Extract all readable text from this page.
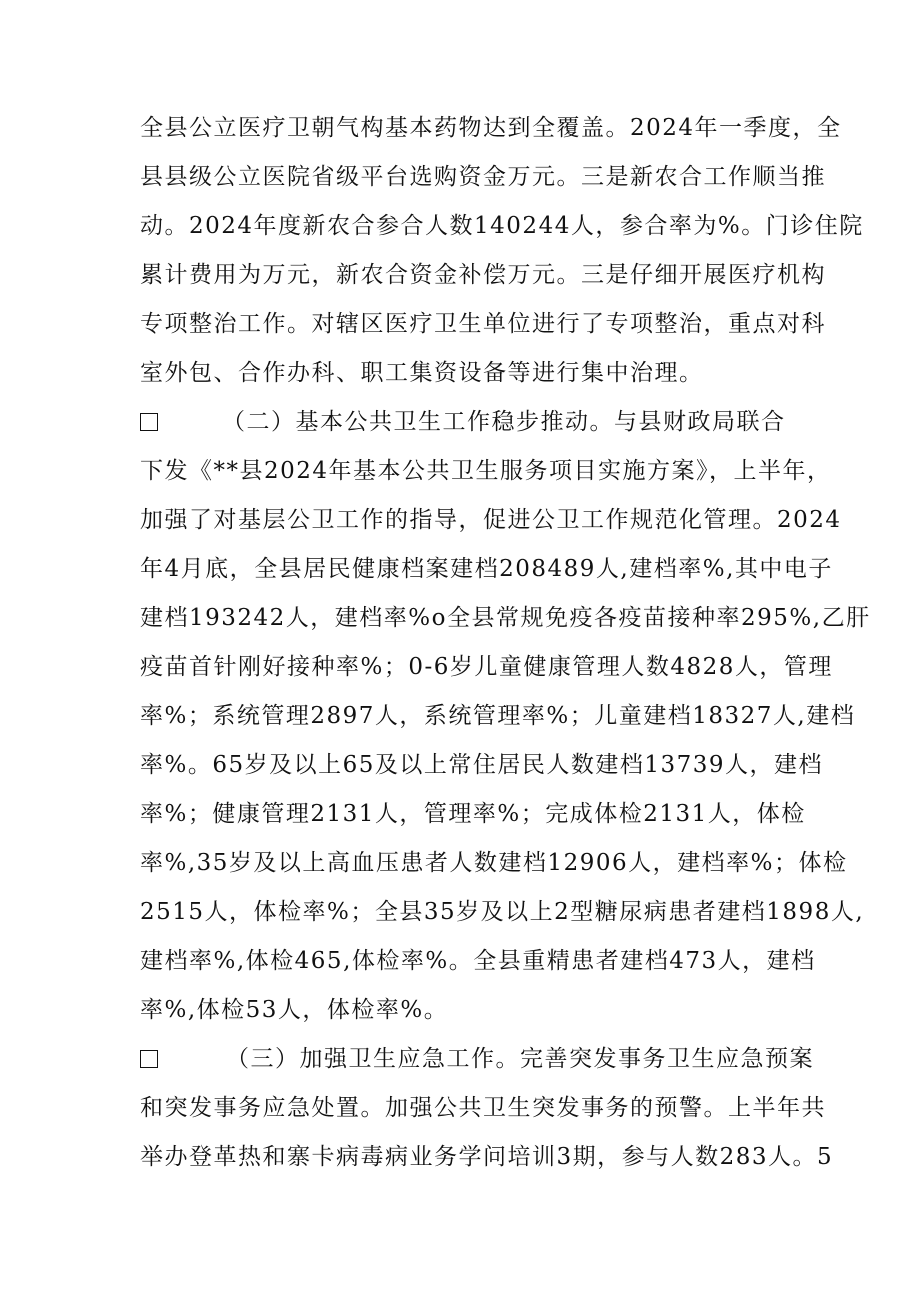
全县公立医疗卫朝气构基本药物达到全覆盖。2024年一季度，全
县县级公立医院省级平台选购资金万元。三是新农合工作顺当推
动。2024年度新农合参合人数140244人，参合率为%。门诊住院
累计费用为万元，新农合资金补偿万元。三是仔细开展医疗机构
专项整治工作。对辖区医疗卫生单位进行了专项整治，重点对科
室外包、合作办科、职工集资设备等进行集中治理。
（二）基本公共卫生工作稳步推动。与县财政局联合
下发《**县2024年基本公共卫生服务项目实施方案》，上半年，
加强了对基层公卫工作的指导，促进公卫工作规范化管理。2024
年4月底，全县居民健康档案建档208489人,建档率%,其中电子
建档193242人，建档率%o全县常规免疫各疫苗接种率295%,乙肝
疫苗首针刚好接种率%；0-6岁儿童健康管理人数4828人，管理
率%；系统管理2897人，系统管理率%；儿童建档18327人,建档
率%。65岁及以上65及以上常住居民人数建档13739人，建档
率%；健康管理2131人，管理率%；完成体检2131人，体检
率%,35岁及以上高血压患者人数建档12906人，建档率%；体检
2515人，体检率%；全县35岁及以上2型糖尿病患者建档1898人,
建档率%,体检465,体检率%。全县重精患者建档473人，建档
率%,体检53人，体检率%。
（三）加强卫生应急工作。完善突发事务卫生应急预案
和突发事务应急处置。加强公共卫生突发事务的预警。上半年共
举办登革热和寨卡病毒病业务学问培训3期，参与人数283人。5
